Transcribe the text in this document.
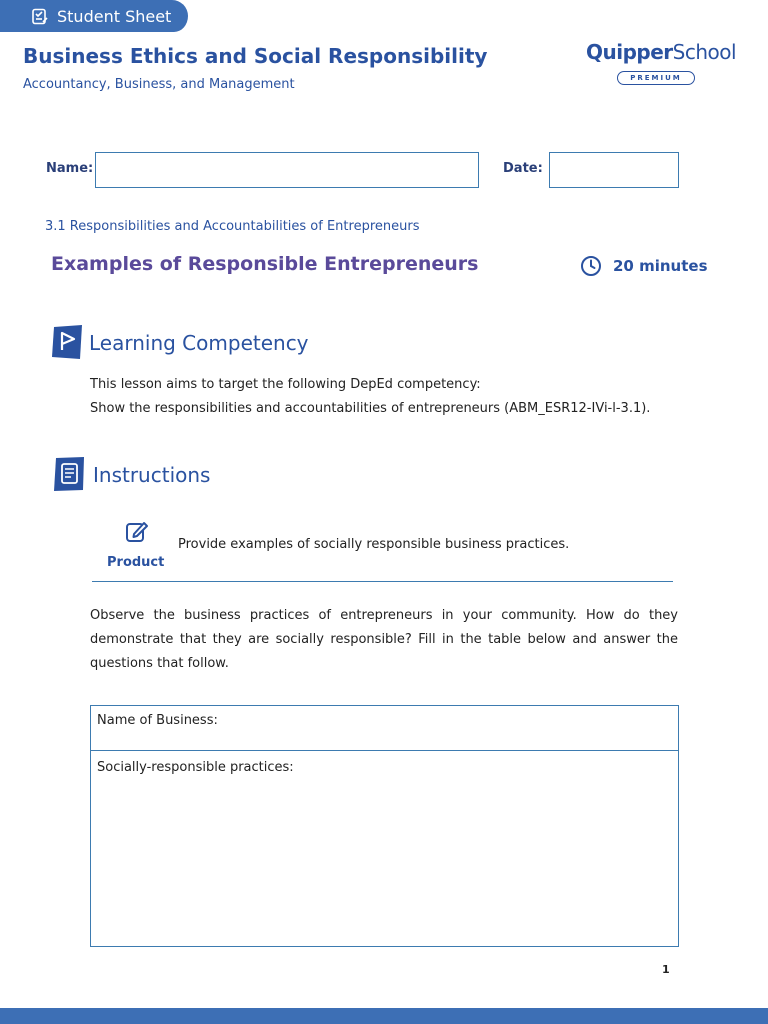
Student Sheet
Business Ethics and Social Responsibility
Accountancy, Business, and Management
QuipperSchool
PREMIUM
Name:	Date:
3.1 Responsibilities and Accountabilities of Entrepreneurs
Examples of Responsible Entrepreneurs	20 minutes
Learning Competency
This lesson aims to target the following DepEd competency:
Show the responsibilities and accountabilities of entrepreneurs (ABM_ESR12-IVi-l-3.1).
Instructions
Product
Provide examples of socially responsible business practices.
Observe the business practices of entrepreneurs in your community. How do they demonstrate that they are socially responsible? Fill in the table below and answer the questions that follow.
Name of Business:
Socially-responsible practices:
1
